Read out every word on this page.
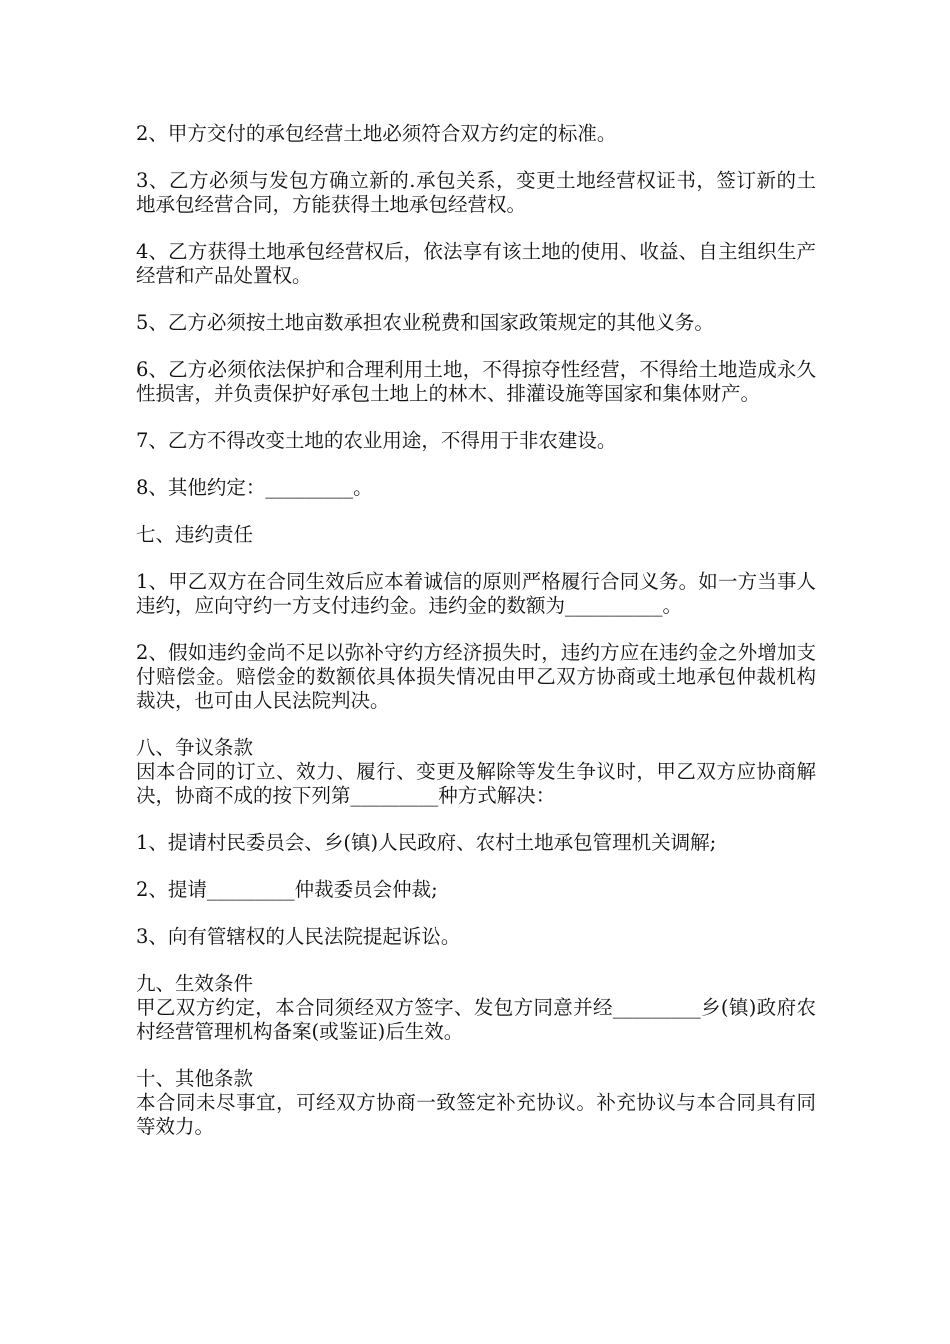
2、甲方交付的承包经营土地必须符合双方约定的标准。

3、乙方必须与发包方确立新的.承包关系，变更土地经营权证书，签订新的土地承包经营合同，方能获得土地承包经营权。

4、乙方获得土地承包经营权后，依法享有该土地的使用、收益、自主组织生产经营和产品处置权。

5、乙方必须按土地亩数承担农业税费和国家政策规定的其他义务。

6、乙方必须依法保护和合理利用土地，不得掠夺性经营，不得给土地造成永久性损害，并负责保护好承包土地上的林木、排灌设施等国家和集体财产。

7、乙方不得改变土地的农业用途，不得用于非农建设。

8、其他约定：_________。

七、违约责任

1、甲乙双方在合同生效后应本着诚信的原则严格履行合同义务。如一方当事人违约，应向守约一方支付违约金。违约金的数额为__________。

2、假如违约金尚不足以弥补守约方经济损失时，违约方应在违约金之外增加支付赔偿金。赔偿金的数额依具体损失情况由甲乙双方协商或土地承包仲裁机构裁决，也可由人民法院判决。

八、争议条款
因本合同的订立、效力、履行、变更及解除等发生争议时，甲乙双方应协商解决，协商不成的按下列第_________种方式解决：

1、提请村民委员会、乡(镇)人民政府、农村土地承包管理机关调解;

2、提请_________仲裁委员会仲裁;

3、向有管辖权的人民法院提起诉讼。

九、生效条件
甲乙双方约定，本合同须经双方签字、发包方同意并经_________乡(镇)政府农村经营管理机构备案(或鉴证)后生效。
十、其他条款
本合同未尽事宜，可经双方协商一致签定补充协议。补充协议与本合同具有同等效力。
